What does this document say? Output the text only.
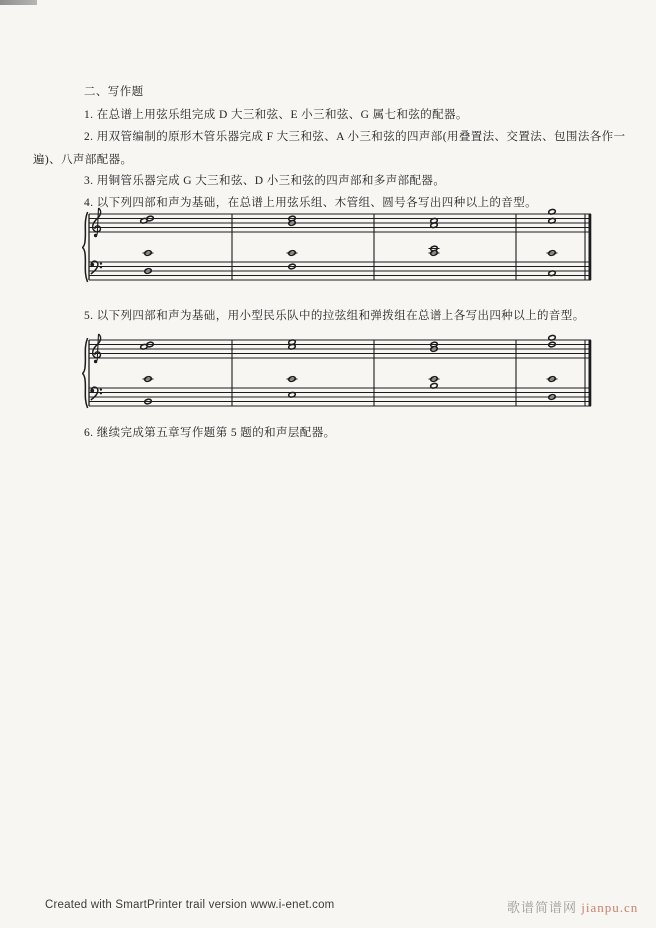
二、写作题
1. 在总谱上用弦乐组完成 D 大三和弦、E 小三和弦、G 属七和弦的配器。
2. 用双管编制的原形木管乐器完成 F 大三和弦、A 小三和弦的四声部(用叠置法、交置法、包围法各作一
遍)、八声部配器。
3. 用铜管乐器完成 G 大三和弦、D 小三和弦的四声部和多声部配器。
4. 以下列四部和声为基础，在总谱上用弦乐组、木管组、圆号各写出四种以上的音型。
5. 以下列四部和声为基础，用小型民乐队中的拉弦组和弹拨组在总谱上各写出四种以上的音型。
6. 继续完成第五章写作题第 5 题的和声层配器。
Created with SmartPrinter trail version www.i-enet.com	歌谱简谱网 jianpu.cn
